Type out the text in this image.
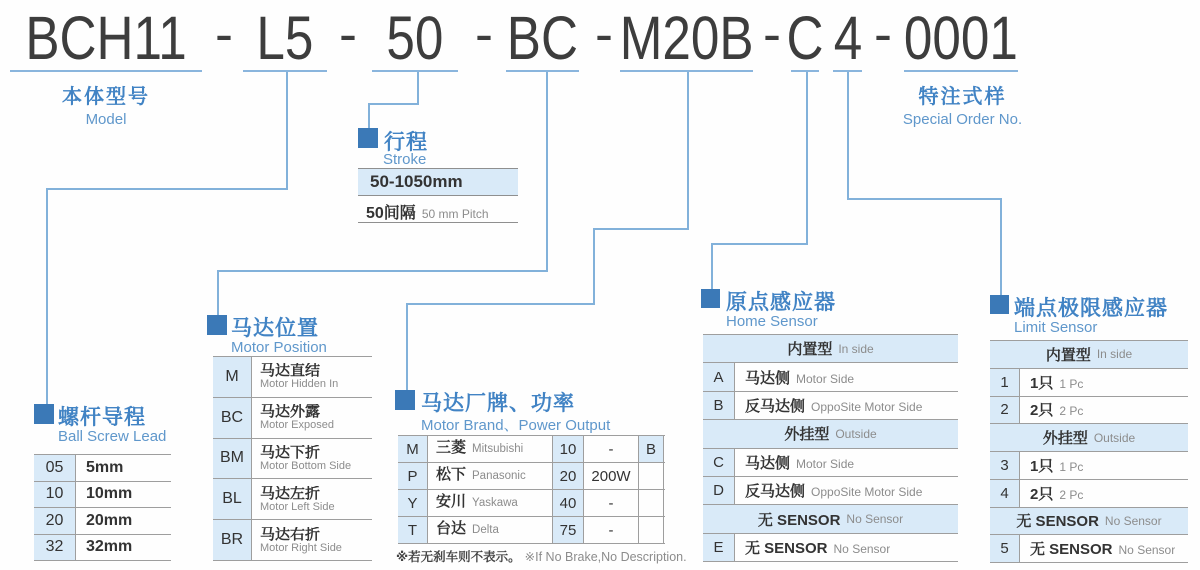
BCH11 - L5 - 50 - BC - M20B - C 4 - 0001
本体型号
Model
特注式样
Special Order No.
行程
Stroke
50-1050mm
50间隔 50 mm Pitch
螺杆导程
Ball Screw Lead
05	5mm
10	10mm
20	20mm
32	32mm
马达位置
Motor Position
M	马达直结
Motor Hidden In
BC	马达外露
Motor Exposed
BM	马达下折
Motor Bottom Side
BL	马达左折
Motor Left Side
BR	马达右折
Motor Right Side
马达厂牌、功率
Motor Brand、Power Output
M	三菱 Mitsubishi	10	-	B
P	松下 Panasonic	20	200W
Y	安川 Yaskawa	40	-
T	台达 Delta	75	-
※若无刹车则不表示。 ※If No Brake,No Description.
原点感应器
Home Sensor
内置型 In side
A	马达侧 Motor Side
B	反马达侧 OppoSite Motor Side
外挂型 Outside
C	马达侧 Motor Side
D	反马达侧 OppoSite Motor Side
无 SENSOR No Sensor
E	无 SENSOR No Sensor
端点极限感应器
Limit Sensor
内置型 In side
1	1只 1 Pc
2	2只 2 Pc
外挂型 Outside
3	1只 1 Pc
4	2只 2 Pc
无 SENSOR No Sensor
5	无 SENSOR No Sensor
